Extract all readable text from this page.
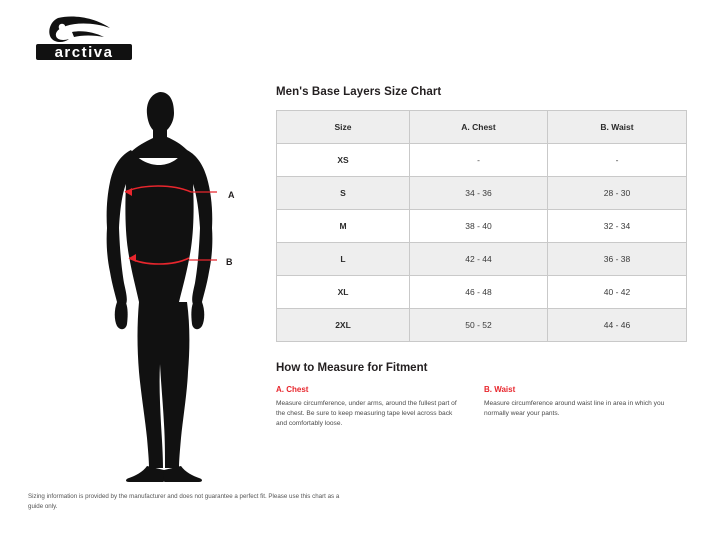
arctiva
A
B
Men's Base Layers Size Chart
Size	A. Chest	B. Waist
XS	-	-
S	34 - 36	28 - 30
M	38 - 40	32 - 34
L	42 - 44	36 - 38
XL	46 - 48	40 - 42
2XL	50 - 52	44 - 46
How to Measure for Fitment
A. Chest
Measure circumference, under arms, around the fullest part of the chest. Be sure to keep measuring tape level across back and comfortably loose.
B. Waist
Measure circumference around waist line in area in which you normally wear your pants.
Sizing information is provided by the manufacturer and does not guarantee a perfect fit. Please use this chart as a guide only.
